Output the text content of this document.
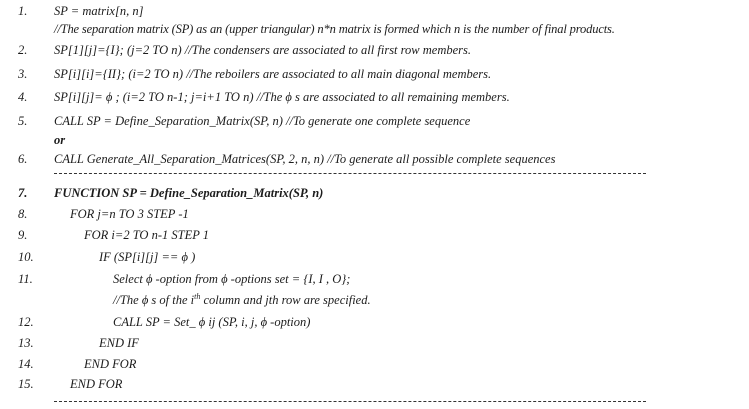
1.	SP = matrix[n, n]
//The separation matrix (SP) as an (upper triangular) n*n matrix is formed which n is the number of final products.
2.	SP[1][j]={I}; (j=2 TO n) //The condensers are associated to all first row members.
3.	SP[i][i]={II}; (i=2 TO n) //The reboilers are associated to all main diagonal members.
4.	SP[i][j]= ϕ ; (i=2 TO n-1; j=i+1 TO n) //The ϕ s are associated to all remaining members.
5.	CALL SP = Define_Separation_Matrix(SP, n) //To generate one complete sequence
or
6.	CALL Generate_All_Separation_Matrices(SP, 2, n, n) //To generate all possible complete sequences
7.	FUNCTION SP = Define_Separation_Matrix(SP, n)
8.	FOR j=n TO 3 STEP -1
9.	FOR i=2 TO n-1 STEP 1
10.	IF (SP[i][j] == ϕ )
11.	Select ϕ -option from ϕ -options set = {I, I , O};
//The ϕ s of the $i^{th}$ column and jth row are specified.
12.	CALL SP = Set_ ϕ ij (SP, i, j, ϕ -option)
13.	END IF
14.	END FOR
15.	END FOR
